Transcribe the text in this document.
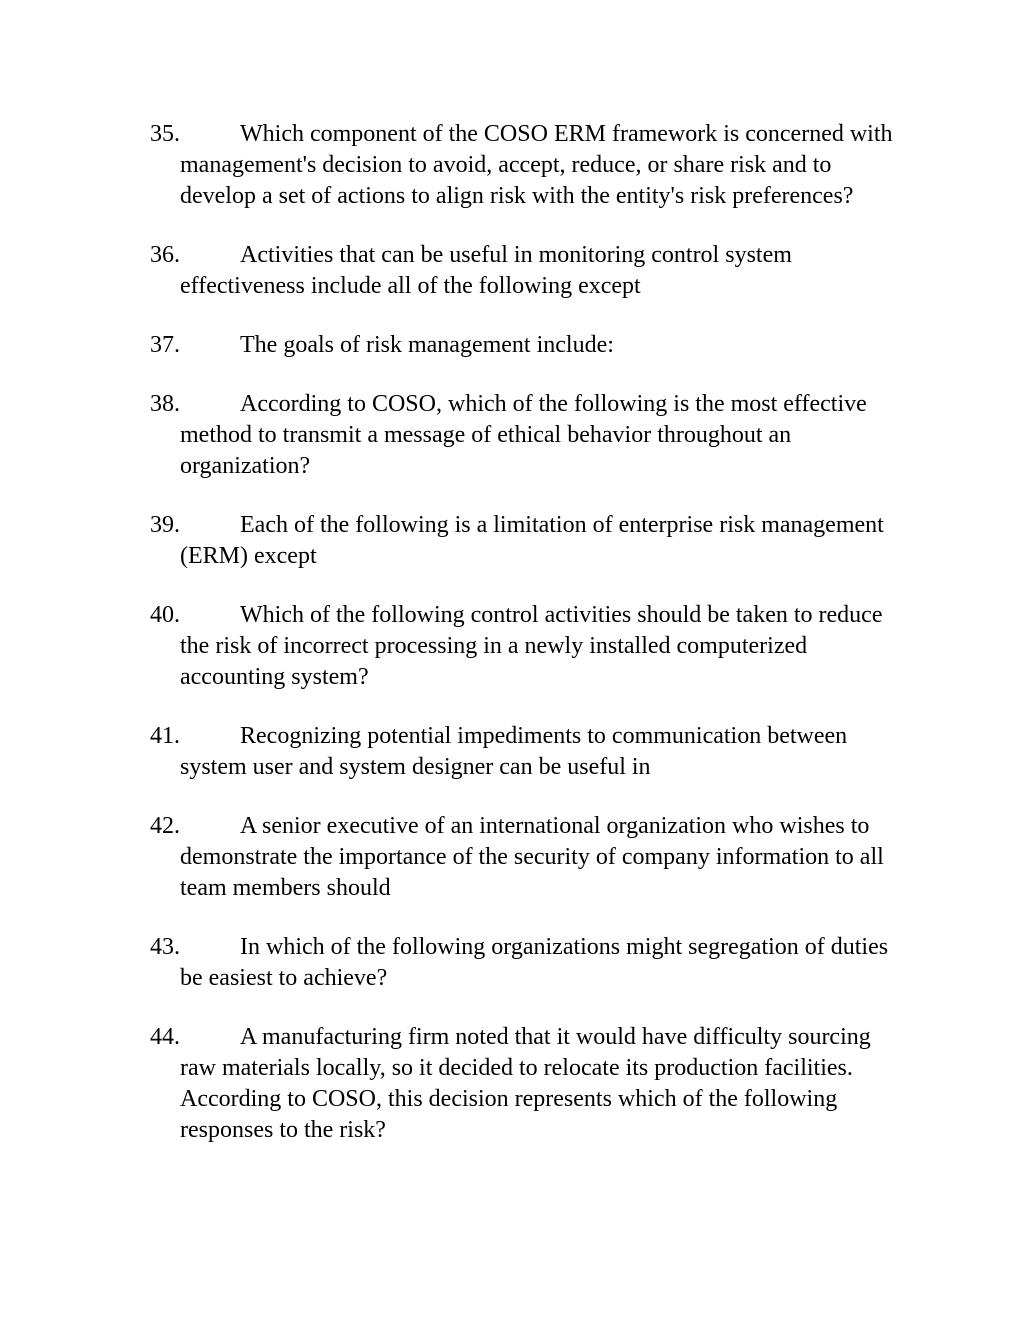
35.	Which component of the COSO ERM framework is concerned with management's decision to avoid, accept, reduce, or share risk and to develop a set of actions to align risk with the entity's risk preferences?

36.	Activities that can be useful in monitoring control system effectiveness include all of the following except

37.	The goals of risk management include:

38.	According to COSO, which of the following is the most effective method to transmit a message of ethical behavior throughout an organization?

39.	Each of the following is a limitation of enterprise risk management (ERM) except

40.	Which of the following control activities should be taken to reduce the risk of incorrect processing in a newly installed computerized accounting system?

41.	Recognizing potential impediments to communication between system user and system designer can be useful in

42.	A senior executive of an international organization who wishes to demonstrate the importance of the security of company information to all team members should

43.	In which of the following organizations might segregation of duties be easiest to achieve?

44.	A manufacturing firm noted that it would have difficulty sourcing raw materials locally, so it decided to relocate its production facilities. According to COSO, this decision represents which of the following responses to the risk?
